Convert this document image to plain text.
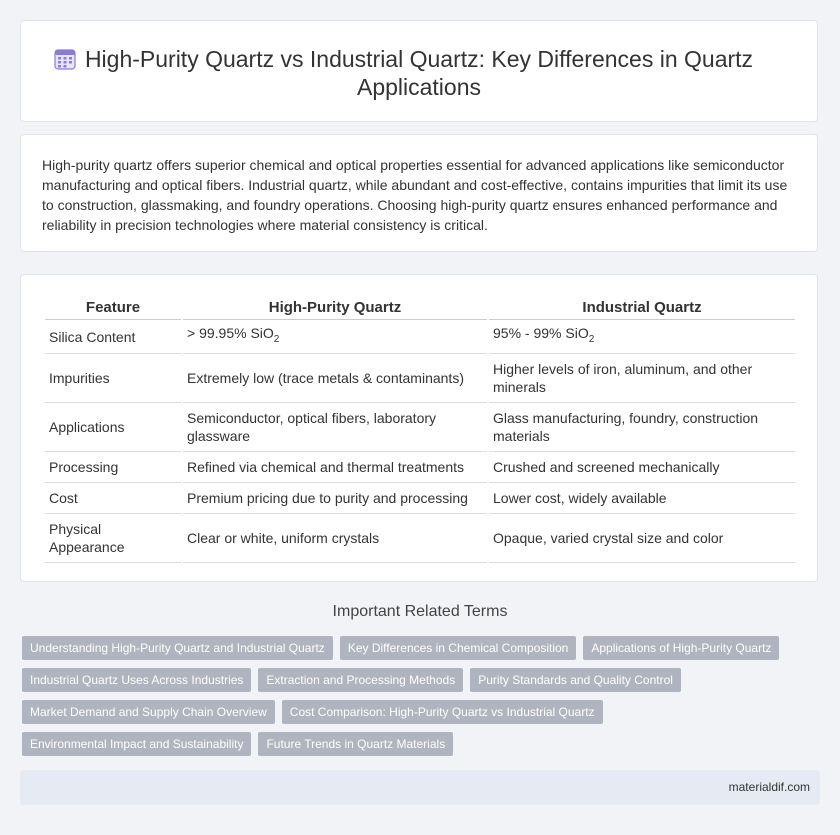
High-Purity Quartz vs Industrial Quartz: Key Differences in Quartz Applications

High-purity quartz offers superior chemical and optical properties essential for advanced applications like semiconductor manufacturing and optical fibers. Industrial quartz, while abundant and cost-effective, contains impurities that limit its use to construction, glassmaking, and foundry operations. Choosing high-purity quartz ensures enhanced performance and reliability in precision technologies where material consistency is critical.

Feature	High-Purity Quartz	Industrial Quartz
Silica Content	> 99.95% SiO$_2$	95% - 99% SiO$_2$
Impurities	Extremely low (trace metals & contaminants)	Higher levels of iron, aluminum, and other minerals
Applications	Semiconductor, optical fibers, laboratory glassware	Glass manufacturing, foundry, construction materials
Processing	Refined via chemical and thermal treatments	Crushed and screened mechanically
Cost	Premium pricing due to purity and processing	Lower cost, widely available
Physical Appearance	Clear or white, uniform crystals	Opaque, varied crystal size and color
Important Related Terms
Understanding High-Purity Quartz and Industrial Quartz	Key Differences in Chemical Composition	Applications of High-Purity Quartz
Industrial Quartz Uses Across Industries	Extraction and Processing Methods	Purity Standards and Quality Control
Market Demand and Supply Chain Overview	Cost Comparison: High-Purity Quartz vs Industrial Quartz
Environmental Impact and Sustainability	Future Trends in Quartz Materials
materialdif.com
